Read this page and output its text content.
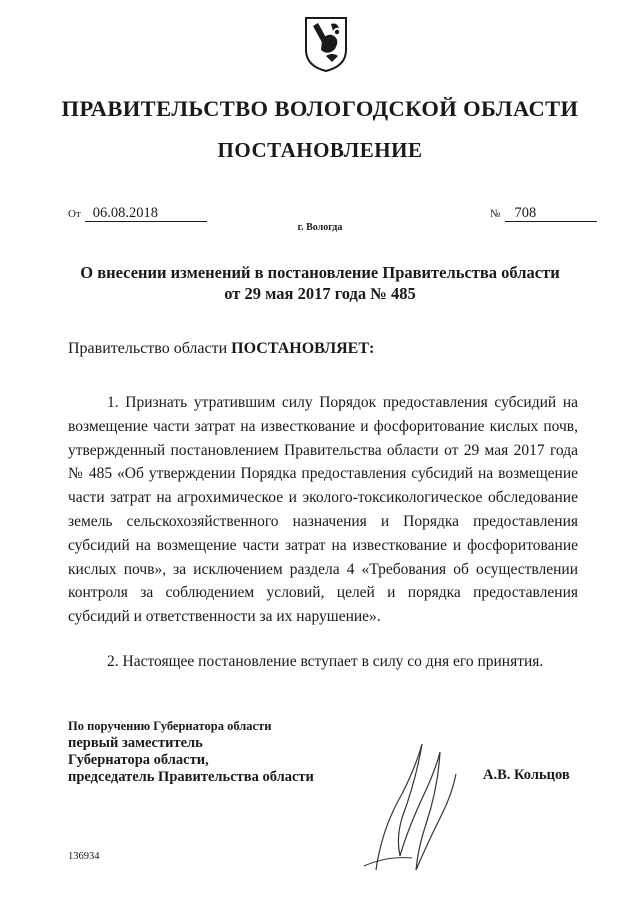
ПРАВИТЕЛЬСТВО ВОЛОГОДСКОЙ ОБЛАСТИ
ПОСТАНОВЛЕНИЕ
От 06.08.2018	№ 708
г. Вологда
О внесении изменений в постановление Правительства области
от 29 мая 2017 года № 485
Правительство области ПОСТАНОВЛЯЕТ:

1. Признать утратившим силу Порядок предоставления субсидий на возмещение части затрат на известкование и фосфоритование кислых почв, утвержденный постановлением Правительства области от 29 мая 2017 года № 485 «Об утверждении Порядка предоставления субсидий на возмещение части затрат на агрохимическое и эколого-токсикологическое обследование земель сельскохозяйственного назначения и Порядка предоставления субсидий на возмещение части затрат на известкование и фосфоритование кислых почв», за исключением раздела 4 «Требования об осуществлении контроля за соблюдением условий, целей и порядка предоставления субсидий и ответственности за их нарушение».

2. Настоящее постановление вступает в силу со дня его принятия.

По поручению Губернатора области
первый заместитель
Губернатора области,
председатель Правительства области	А.В. Кольцов
136934
